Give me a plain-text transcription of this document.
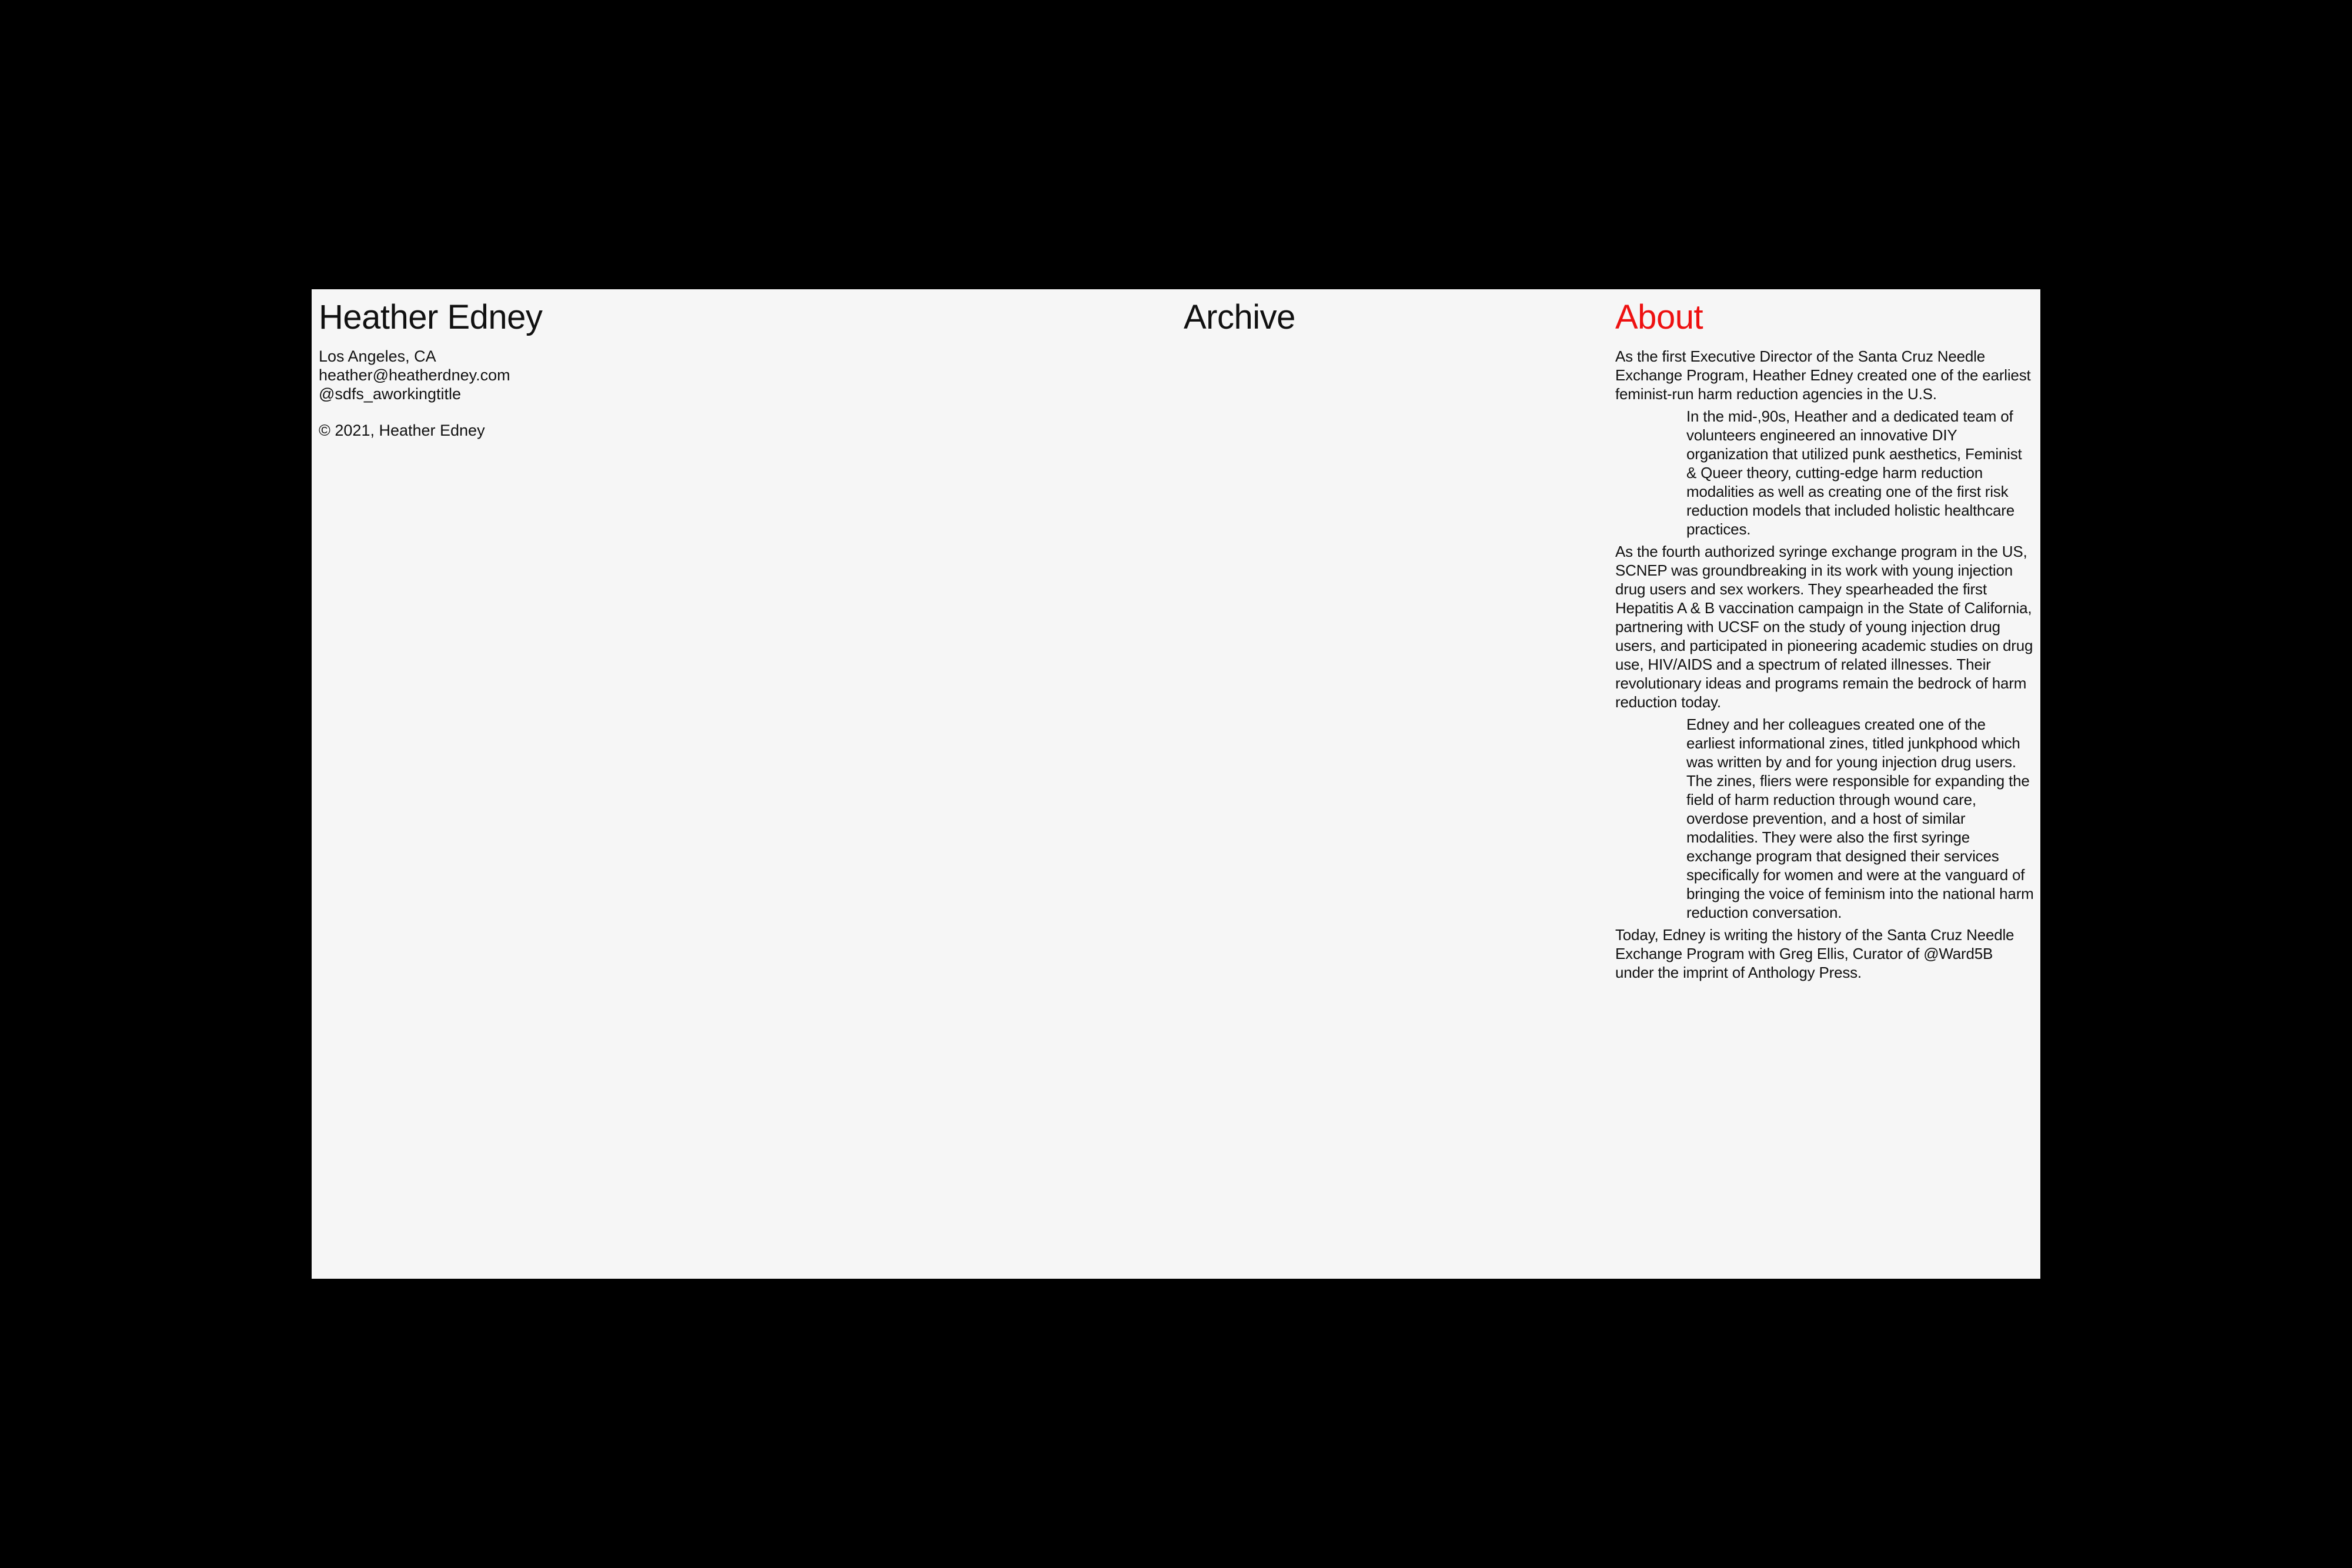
Heather Edney
Los Angeles, CA
heather@heatherdney.com
@sdfs_aworkingtitle
© 2021, Heather Edney
Archive	About

As the first Executive Director of the Santa Cruz Needle Exchange Program, Heather Edney created one of the earliest feminist-run harm reduction agencies in the U.S.

In the mid-,90s, Heather and a dedicated team of volunteers engineered an innovative DIY organization that utilized punk aesthetics, Feminist & Queer theory, cutting-edge harm reduction modalities as well as creating one of the first risk reduction models that included holistic healthcare practices.

As the fourth authorized syringe exchange program in the US, SCNEP was groundbreaking in its work with young injection drug users and sex workers. They spearheaded the first Hepatitis A & B vaccination campaign in the State of California, partnering with UCSF on the study of young injection drug users, and participated in pioneering academic studies on drug use, HIV/AIDS and a spectrum of related illnesses. Their revolutionary ideas and programs remain the bedrock of harm reduction today.

Edney and her colleagues created one of the earliest informational zines, titled junkphood which was written by and for young injection drug users. The zines, fliers were responsible for expanding the field of harm reduction through wound care, overdose prevention, and a host of similar modalities. They were also the first syringe exchange program that designed their services specifically for women and were at the vanguard of bringing the voice of feminism into the national harm reduction conversation.

Today, Edney is writing the history of the Santa Cruz Needle Exchange Program with Greg Ellis, Curator of @Ward5B under the imprint of Anthology Press.
